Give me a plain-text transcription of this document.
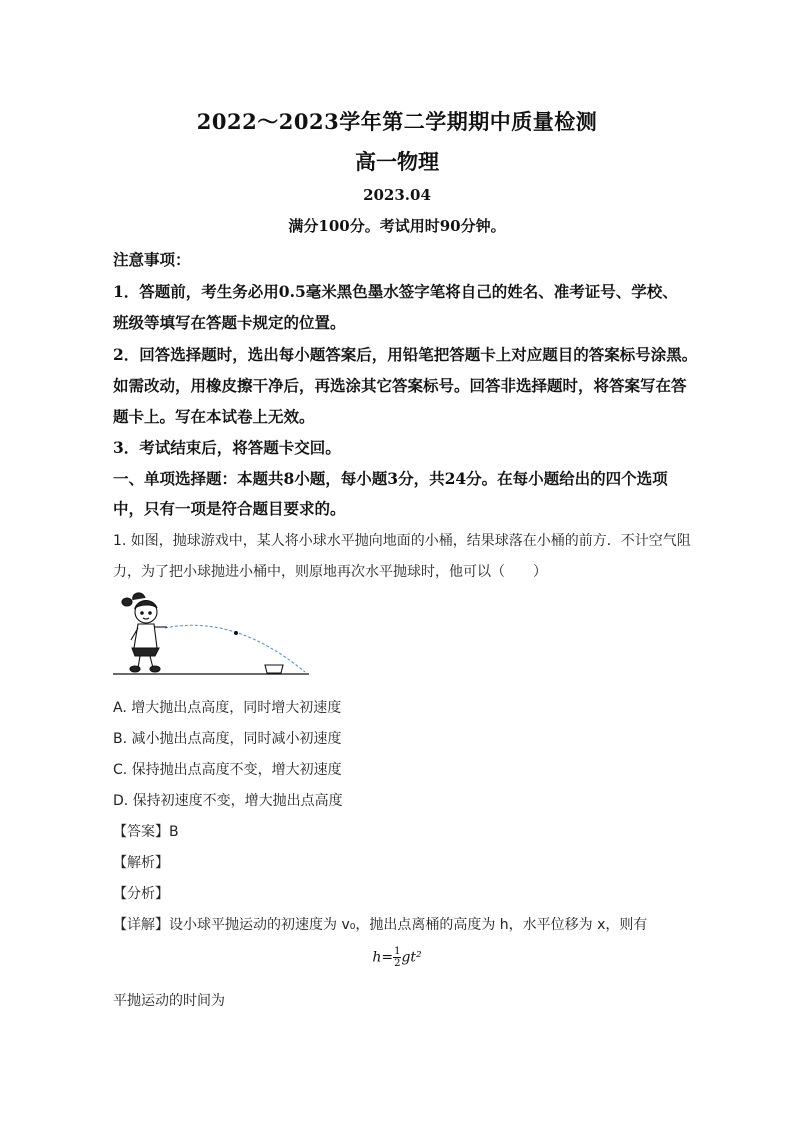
2022～2023学年第二学期期中质量检测
高一物理
2023.04
满分100分。考试用时90分钟。
注意事项：
1．答题前，考生务必用0.5毫米黑色墨水签字笔将自己的姓名、准考证号、学校、
班级等填写在答题卡规定的位置。
2．回答选择题时，选出每小题答案后，用铅笔把答题卡上对应题目的答案标号涂黑。
如需改动，用橡皮擦干净后，再选涂其它答案标号。回答非选择题时，将答案写在答
题卡上。写在本试卷上无效。
3．考试结束后，将答题卡交回。
一、单项选择题：本题共8小题，每小题3分，共24分。在每小题给出的四个选项
中，只有一项是符合题目要求的。
1. 如图，抛球游戏中，某人将小球水平抛向地面的小桶，结果球落在小桶的前方．不计空气阻
力，为了把小球抛进小桶中，则原地再次水平抛球时，他可以（　　）
A. 增大抛出点高度，同时增大初速度
B. 减小抛出点高度，同时减小初速度
C. 保持抛出点高度不变，增大初速度
D. 保持初速度不变，增大抛出点高度
【答案】B
【解析】
【分析】
【详解】设小球平抛运动的初速度为 v₀，抛出点离桶的高度为 h，水平位移为 x，则有
$h= \frac{1}{2} gt^2$
平抛运动的时间为
